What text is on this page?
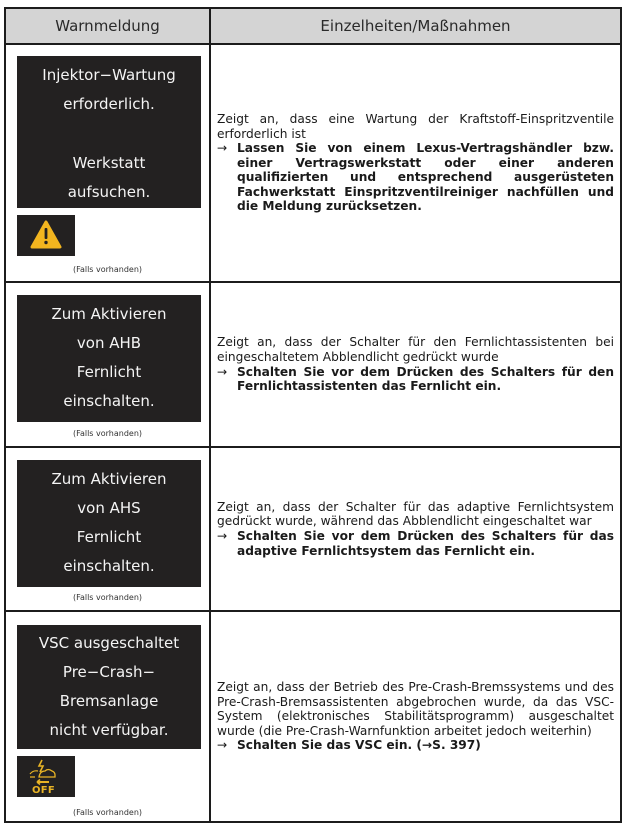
Warnmeldung	Einzelheiten/Maßnahmen
Injektor−Wartung
erforderlich.
Werkstatt
aufsuchen.
(Falls vorhanden)
Zeigt an, dass eine Wartung der Kraftstoff-Einspritzventile erforderlich ist
→ Lassen Sie von einem Lexus-Vertragshändler bzw. einer Vertragswerkstatt oder einer anderen qualifizierten und entsprechend ausgerüsteten Fachwerkstatt Einspritzventilreiniger nachfüllen und die Meldung zurücksetzen.
Zum Aktivieren
von AHB
Fernlicht
einschalten.
(Falls vorhanden)
Zeigt an, dass der Schalter für den Fernlichtassistenten bei eingeschaltetem Abblendlicht gedrückt wurde
→ Schalten Sie vor dem Drücken des Schalters für den Fernlichtassistenten das Fernlicht ein.
Zum Aktivieren
von AHS
Fernlicht
einschalten.
(Falls vorhanden)
Zeigt an, dass der Schalter für das adaptive Fernlichtsystem gedrückt wurde, während das Abblendlicht eingeschaltet war
→ Schalten Sie vor dem Drücken des Schalters für das adaptive Fernlichtsystem das Fernlicht ein.
VSC ausgeschaltet
Pre−Crash−
Bremsanlage
nicht verfügbar.
OFF
(Falls vorhanden)
Zeigt an, dass der Betrieb des Pre-Crash-Bremssystems und des Pre-Crash-Bremsassistenten abgebrochen wurde, da das VSC-System (elektronisches Stabilitätsprogramm) ausgeschaltet wurde (die Pre-Crash-Warnfunktion arbeitet jedoch weiterhin)
→ Schalten Sie das VSC ein. (→S. 397)
